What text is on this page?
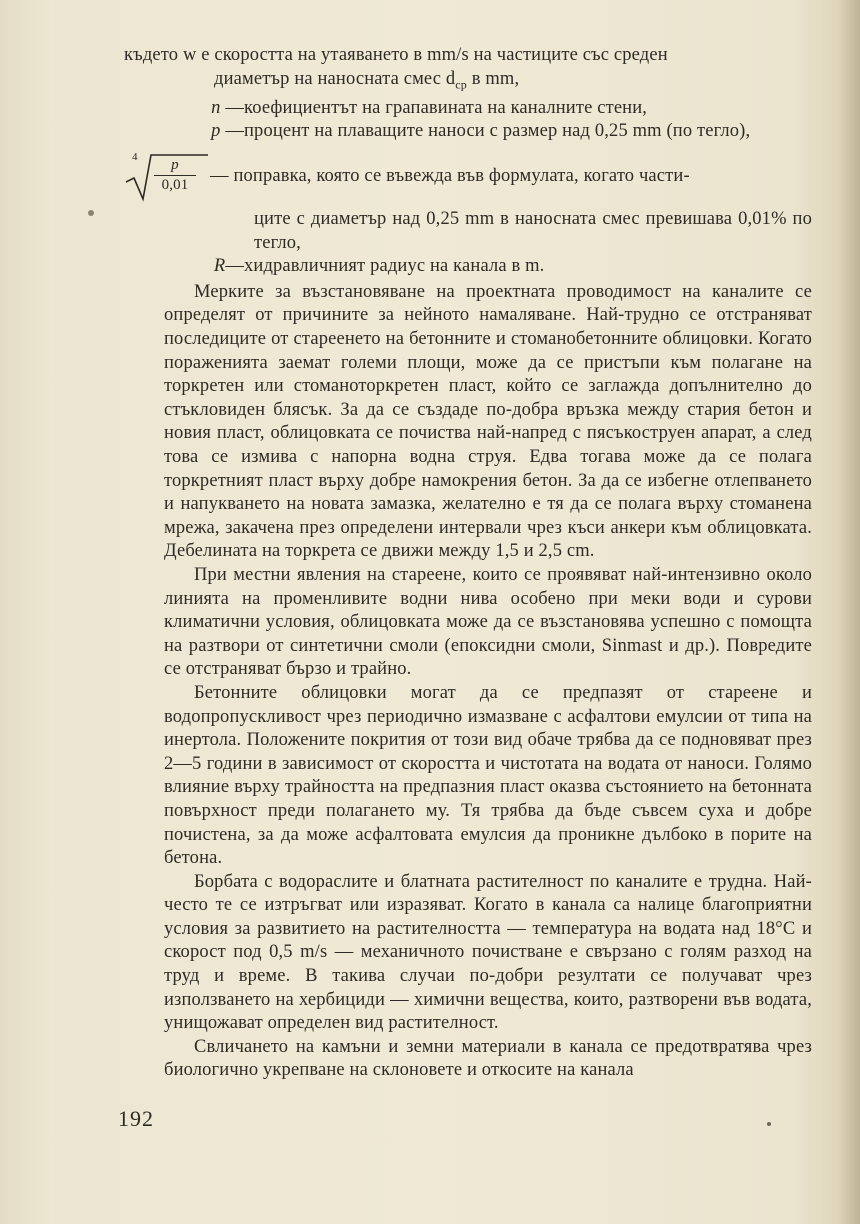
където w е скоростта на утаяването в mm/s на частиците със среден
диаметър на наносната смес $d_{ср}$ в mm,
n — коефициентът на грапавината на каналните стени,
p — процент на плаващите наноси с размер над 0,25 mm (по тегло),
$4 \frac{p}{0,01}$ — поправка, която се въвежда във формулата, когато части-
ците с диаметър над 0,25 mm в наносната смес превишава 0,01% по тегло,
R— хидравличният радиус на канала в m.

Мерките за възстановяване на проектната проводимост на каналите се определят от причините за нейното намаляване. Най-трудно се отстраняват последиците от стареенето на бетонните и стоманобетонните облицовки. Когато пораженията заемат големи площи, може да се пристъпи към полагане на торкретен или стоманоторкретен пласт, който се заглажда допълнително до стъкловиден блясък. За да се създаде по-добра връзка между стария бетон и новия пласт, облицовката се почиства най-напред с пясъкоструен апарат, а след това се измива с напорна водна струя. Едва тогава може да се полага торкретният пласт върху добре намокрения бетон. За да се избегне отлепването и напукването на новата замазка, желателно е тя да се полага върху стоманена мрежа, закачена през определени интервали чрез къси анкери към облицовката. Дебелината на торкрета се движи между 1,5 и 2,5 cm.

При местни явления на стареене, които се проявяват най-интензивно около линията на променливите водни нива особено при меки води и сурови климатични условия, облицовката може да се възстановява успешно с помощта на разтвори от синтетични смоли (епоксидни смоли, Sinmast и др.). Повредите се отстраняват бързо и трайно.

Бетонните облицовки могат да се предпазят от стареене и водопропускливост чрез периодично измазване с асфалтови емулсии от типа на инертола. Положените покрития от този вид обаче трябва да се подновяват през 2—5 години в зависимост от скоростта и чистотата на водата от наноси. Голямо влияние върху трайността на предпазния пласт оказва състоянието на бетонната повърхност преди полагането му. Тя трябва да бъде съвсем суха и добре почистена, за да може асфалтовата емулсия да проникне дълбоко в порите на бетона.

Борбата с водораслите и блатната растителност по каналите е трудна. Най-често те се изтръгват или изразяват. Когато в канала са налице благоприятни условия за развитието на растителността — температура на водата над 18°C и скорост под 0,5 m/s — механичното почистване е свързано с голям разход на труд и време. В такива случаи по-добри резултати се получават чрез използването на хербициди — химични вещества, които, разтворени във водата, унищожават определен вид растителност.

Свличането на камъни и земни материали в канала се предотвратява чрез биологично укрепване на склоновете и откосите на канала

192
